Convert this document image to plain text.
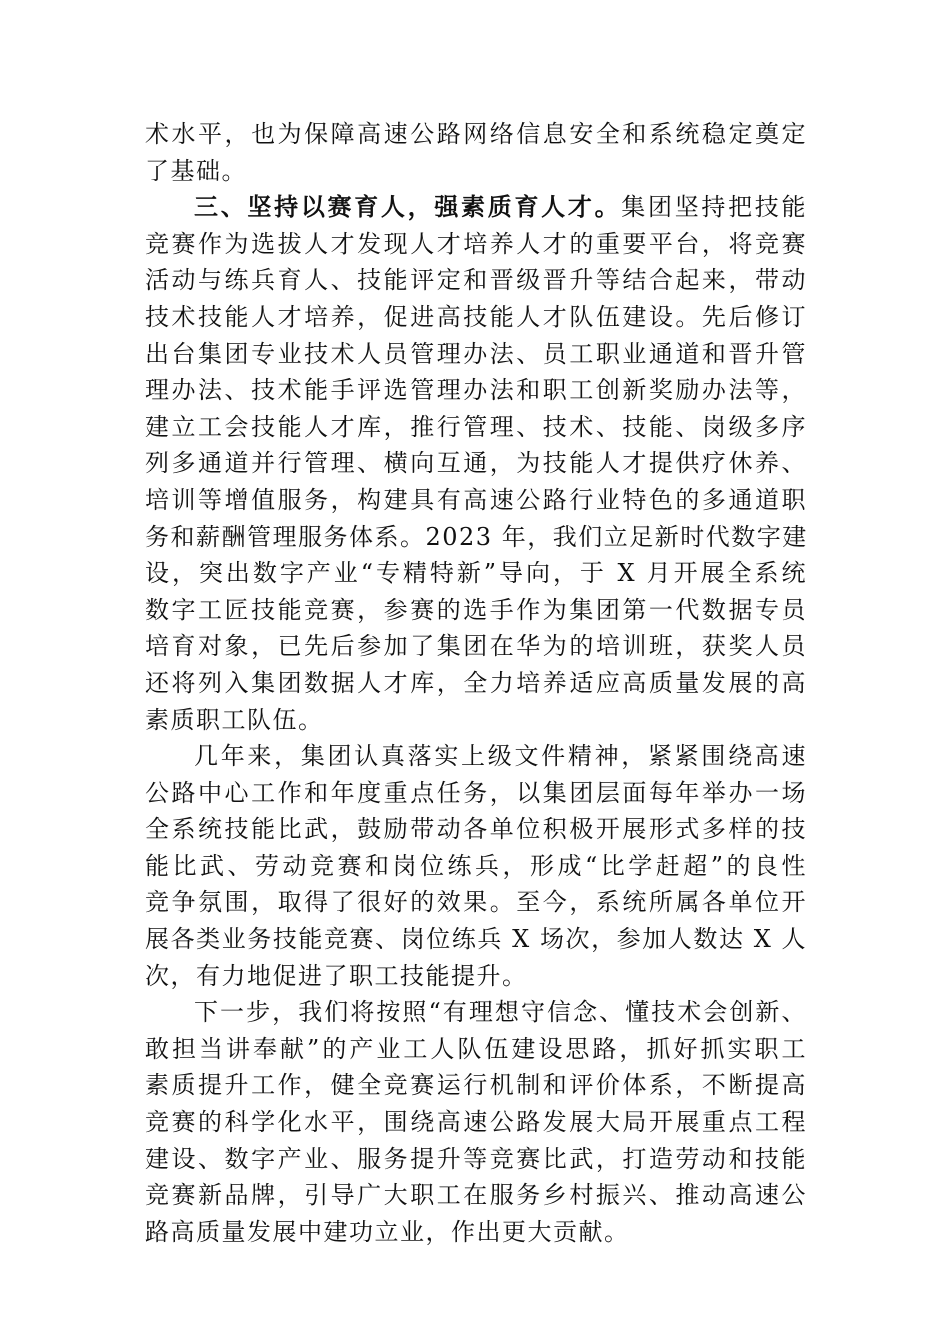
术水平，也为保障高速公路网络信息安全和系统稳定奠定
了基础。

三、坚持以赛育人，强素质育人才。集团坚持把技能
竞赛作为选拔人才发现人才培养人才的重要平台，将竞赛
活动与练兵育人、技能评定和晋级晋升等结合起来，带动
技术技能人才培养，促进高技能人才队伍建设。先后修订
出台集团专业技术人员管理办法、员工职业通道和晋升管
理办法、技术能手评选管理办法和职工创新奖励办法等，
建立工会技能人才库，推行管理、技术、技能、岗级多序
列多通道并行管理、横向互通，为技能人才提供疗休养、
培训等增值服务，构建具有高速公路行业特色的多通道职
务和薪酬管理服务体系。2023 年，我们立足新时代数字建
设，突出数字产业“专精特新”导向，于 X 月开展全系统
数字工匠技能竞赛，参赛的选手作为集团第一代数据专员
培育对象，已先后参加了集团在华为的培训班，获奖人员
还将列入集团数据人才库，全力培养适应高质量发展的高
素质职工队伍。

几年来，集团认真落实上级文件精神，紧紧围绕高速
公路中心工作和年度重点任务，以集团层面每年举办一场
全系统技能比武，鼓励带动各单位积极开展形式多样的技
能比武、劳动竞赛和岗位练兵，形成“比学赶超”的良性
竞争氛围，取得了很好的效果。至今，系统所属各单位开
展各类业务技能竞赛、岗位练兵 X 场次，参加人数达 X 人
次，有力地促进了职工技能提升。

下一步，我们将按照“有理想守信念、懂技术会创新、
敢担当讲奉献”的产业工人队伍建设思路，抓好抓实职工
素质提升工作，健全竞赛运行机制和评价体系，不断提高
竞赛的科学化水平，围绕高速公路发展大局开展重点工程
建设、数字产业、服务提升等竞赛比武，打造劳动和技能
竞赛新品牌，引导广大职工在服务乡村振兴、推动高速公
路高质量发展中建功立业，作出更大贡献。
